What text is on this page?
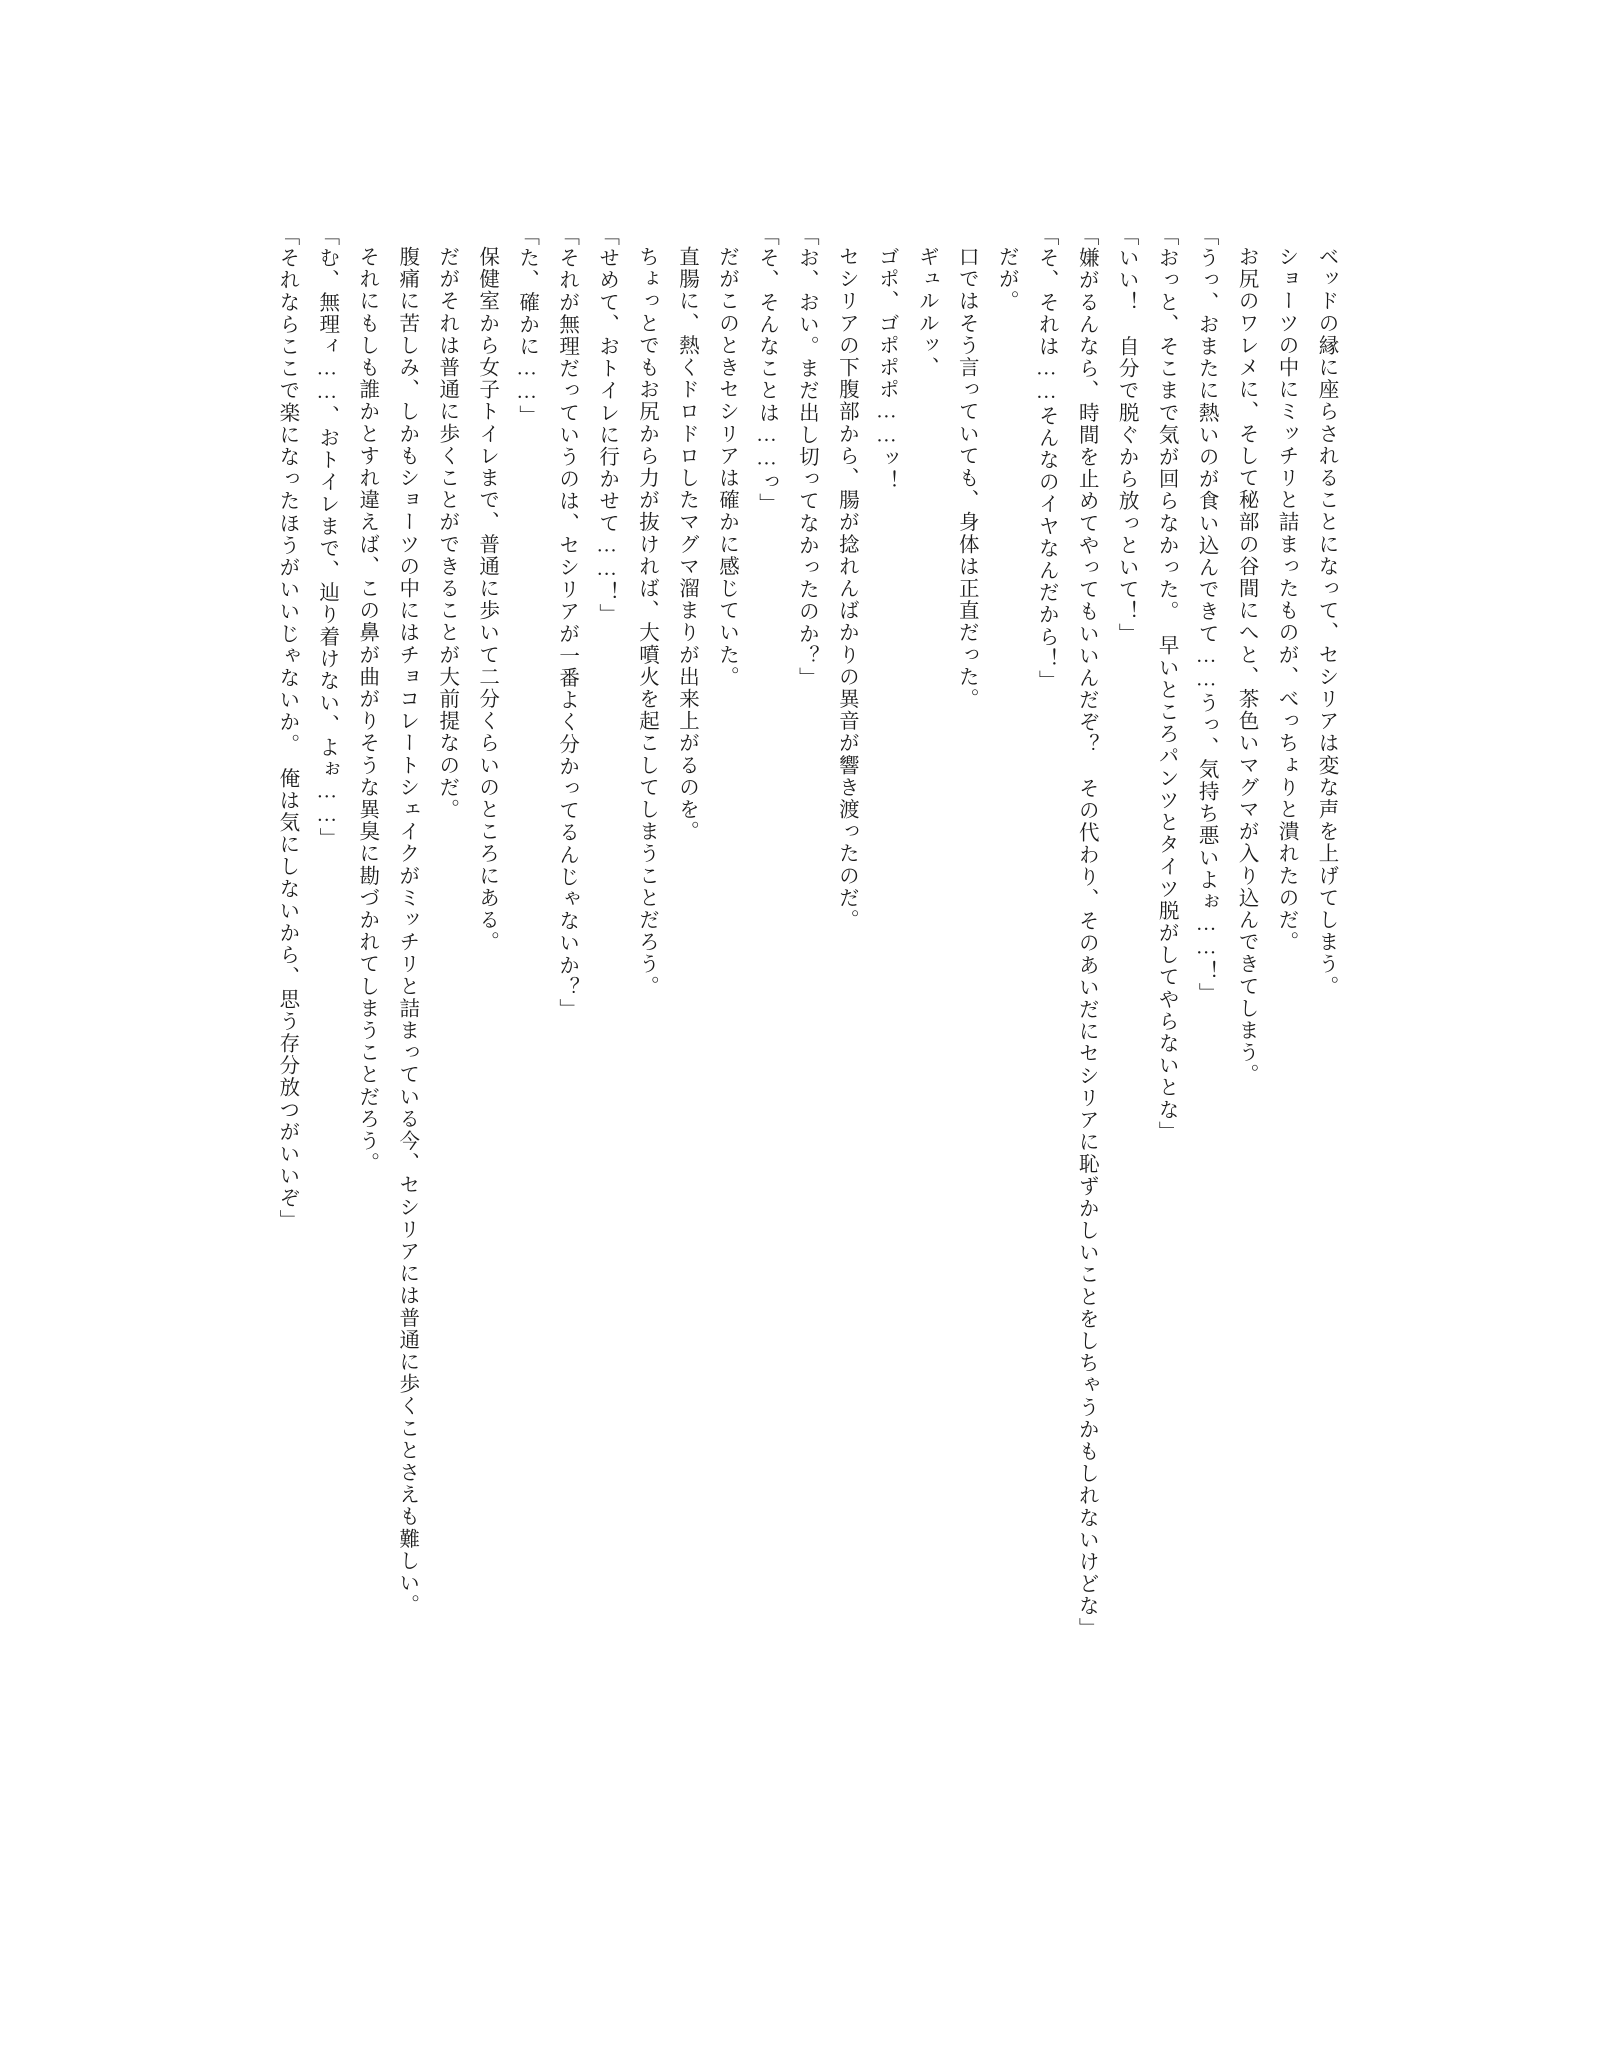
ベッドの縁に座らされることになって、セシリアは変な声を上げてしまう。

ショーツの中にミッチリと詰まったものが、べっちょりと潰れたのだ。

お尻のワレメに、そして秘部の谷間にへと、茶色いマグマが入り込んできてしまう。

「うっ、おまたに熱いのが食い込んできて……うっ、気持ち悪いよぉ……！」

「おっと、そこまで気が回らなかった。　早いところパンツとタイツ脱がしてやらないとな」

「いい！　自分で脱ぐから放っといて！」

「嫌がるんなら、時間を止めてやってもいいんだぞ？　その代わり、そのあいだにセシリアに恥ずかしいことをしちゃうかもしれないけどな」

「そ、それは……そんなのイヤなんだから！」

だが。

口ではそう言っていても、身体は正直だった。

ギュルルッ、

ゴポ、ゴポポポ……ッ！

セシリアの下腹部から、腸が捻れんばかりの異音が響き渡ったのだ。

「お、おい。まだ出し切ってなかったのか？」

「そ、そんなことは……っ」

だがこのときセシリアは確かに感じていた。

直腸に、熱くドロドロしたマグマ溜まりが出来上がるのを。

ちょっとでもお尻から力が抜ければ、大噴火を起こしてしまうことだろう。

「せめて、おトイレに行かせて……！」

「それが無理だっていうのは、セシリアが一番よく分かってるんじゃないか？」

「た、確かに……」

保健室から女子トイレまで、普通に歩いて二分くらいのところにある。

だがそれは普通に歩くことができることが大前提なのだ。

腹痛に苦しみ、しかもショーツの中にはチョコレートシェイクがミッチリと詰まっている今、セシリアには普通に歩くことさえも難しい。

それにもしも誰かとすれ違えば、この鼻が曲がりそうな異臭に勘づかれてしまうことだろう。

「む、無理ィ……、おトイレまで、辿り着けない、よぉ……」

「それならここで楽になったほうがいいじゃないか。　俺は気にしないから、思う存分放つがいいぞ」
